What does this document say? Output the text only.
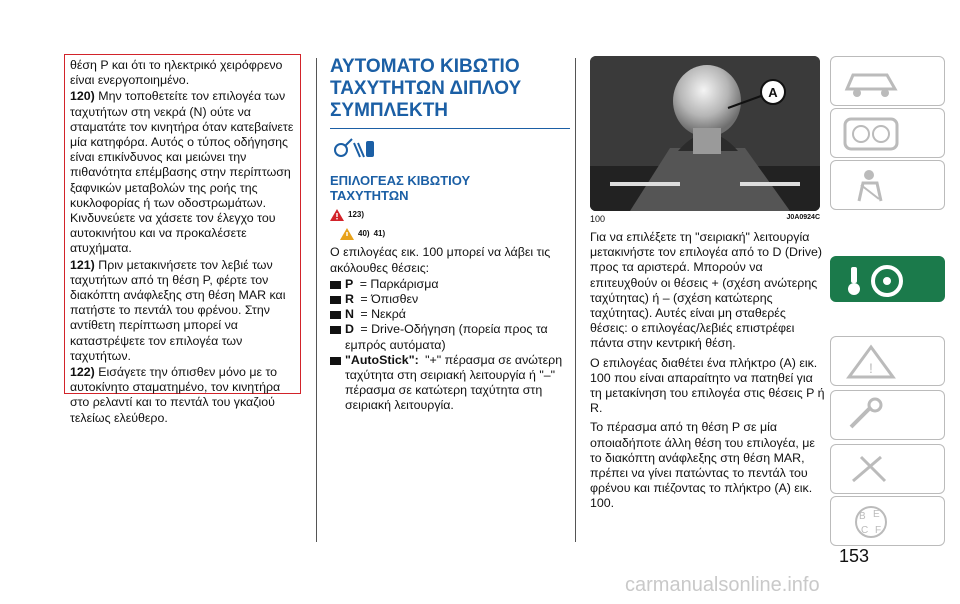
θέση P και ότι το ηλεκτρικό χειρόφρενο είναι ενεργοποιημένο.

120) Μην τοποθετείτε τον επιλογέα των ταχυτήτων στη νεκρά (N) ούτε να σταματάτε τον κινητήρα όταν κατεβαίνετε μία κατηφόρα. Αυτός ο τύπος οδήγησης είναι επικίνδυνος και μειώνει την πιθανότητα επέμβασης στην περίπτωση ξαφνικών μεταβολών της ροής της κυκλοφορίας ή των οδοστρωμάτων. Κινδυνεύετε να χάσετε τον έλεγχο του αυτοκινήτου και να προκαλέσετε ατυχήματα.

121) Πριν μετακινήσετε τον λεβιέ των ταχυτήτων από τη θέση P, φέρτε τον διακόπτη ανάφλεξης στη θέση MAR και πατήστε το πεντάλ του φρένου. Στην αντίθετη περίπτωση μπορεί να καταστρέψετε τον επιλογέα των ταχυτήτων.

122) Εισάγετε την όπισθεν μόνο με το αυτοκίνητο σταματημένο, τον κινητήρα στο ρελαντί και το πεντάλ του γκαζιού τελείως ελεύθερο.

ΑΥΤΟΜΑΤΟ ΚΙΒΩΤΙΟ
ΤΑΧΥΤΗΤΩΝ ΔΙΠΛΟΥ
ΣΥΜΠΛΕΚΤΗ

ΕΠΙΛΟΓΕΑΣ ΚΙΒΩΤΙΟΥ
ΤΑΧΥΤΗΤΩΝ

123)
40) 41)

Ο επιλογέας εικ. 100 μπορεί να λάβει τις ακόλουθες θέσεις:

P = Παρκάρισμα
R = Όπισθεν
N = Νεκρά
D = Drive-Οδήγηση (πορεία προς τα εμπρός αυτόματα)
"AutoStick": "+" πέρασμα σε ανώτερη ταχύτητα στη σειριακή λειτουργία ή "–" πέρασμα σε κατώτερη ταχύτητα στη σειριακή λειτουργία.
A
100	J0A0924C

Για να επιλέξετε τη "σειριακή" λειτουργία μετακινήστε τον επιλογέα από το D (Drive) προς τα αριστερά. Μπορούν να επιτευχθούν οι θέσεις + (σχέση ανώτερης ταχύτητας) ή – (σχέση κατώτερης ταχύτητας). Αυτές είναι μη σταθερές θέσεις: ο επιλογέας/λεβιές επιστρέφει πάντα στην κεντρική θέση.

Ο επιλογέας διαθέτει ένα πλήκτρο (A) εικ. 100 που είναι απαραίτητο να πατηθεί για τη μετακίνηση του επιλογέα στις θέσεις P ή R.

Το πέρασμα από τη θέση P σε μία οποιαδήποτε άλλη θέση του επιλογέα, με το διακόπτη ανάφλεξης στη θέση MAR, πρέπει να γίνει πατώντας το πεντάλ του φρένου και πιέζοντας το πλήκτρο (A) εικ. 100.

!
B E
C F
153
carmanualsonline.info
